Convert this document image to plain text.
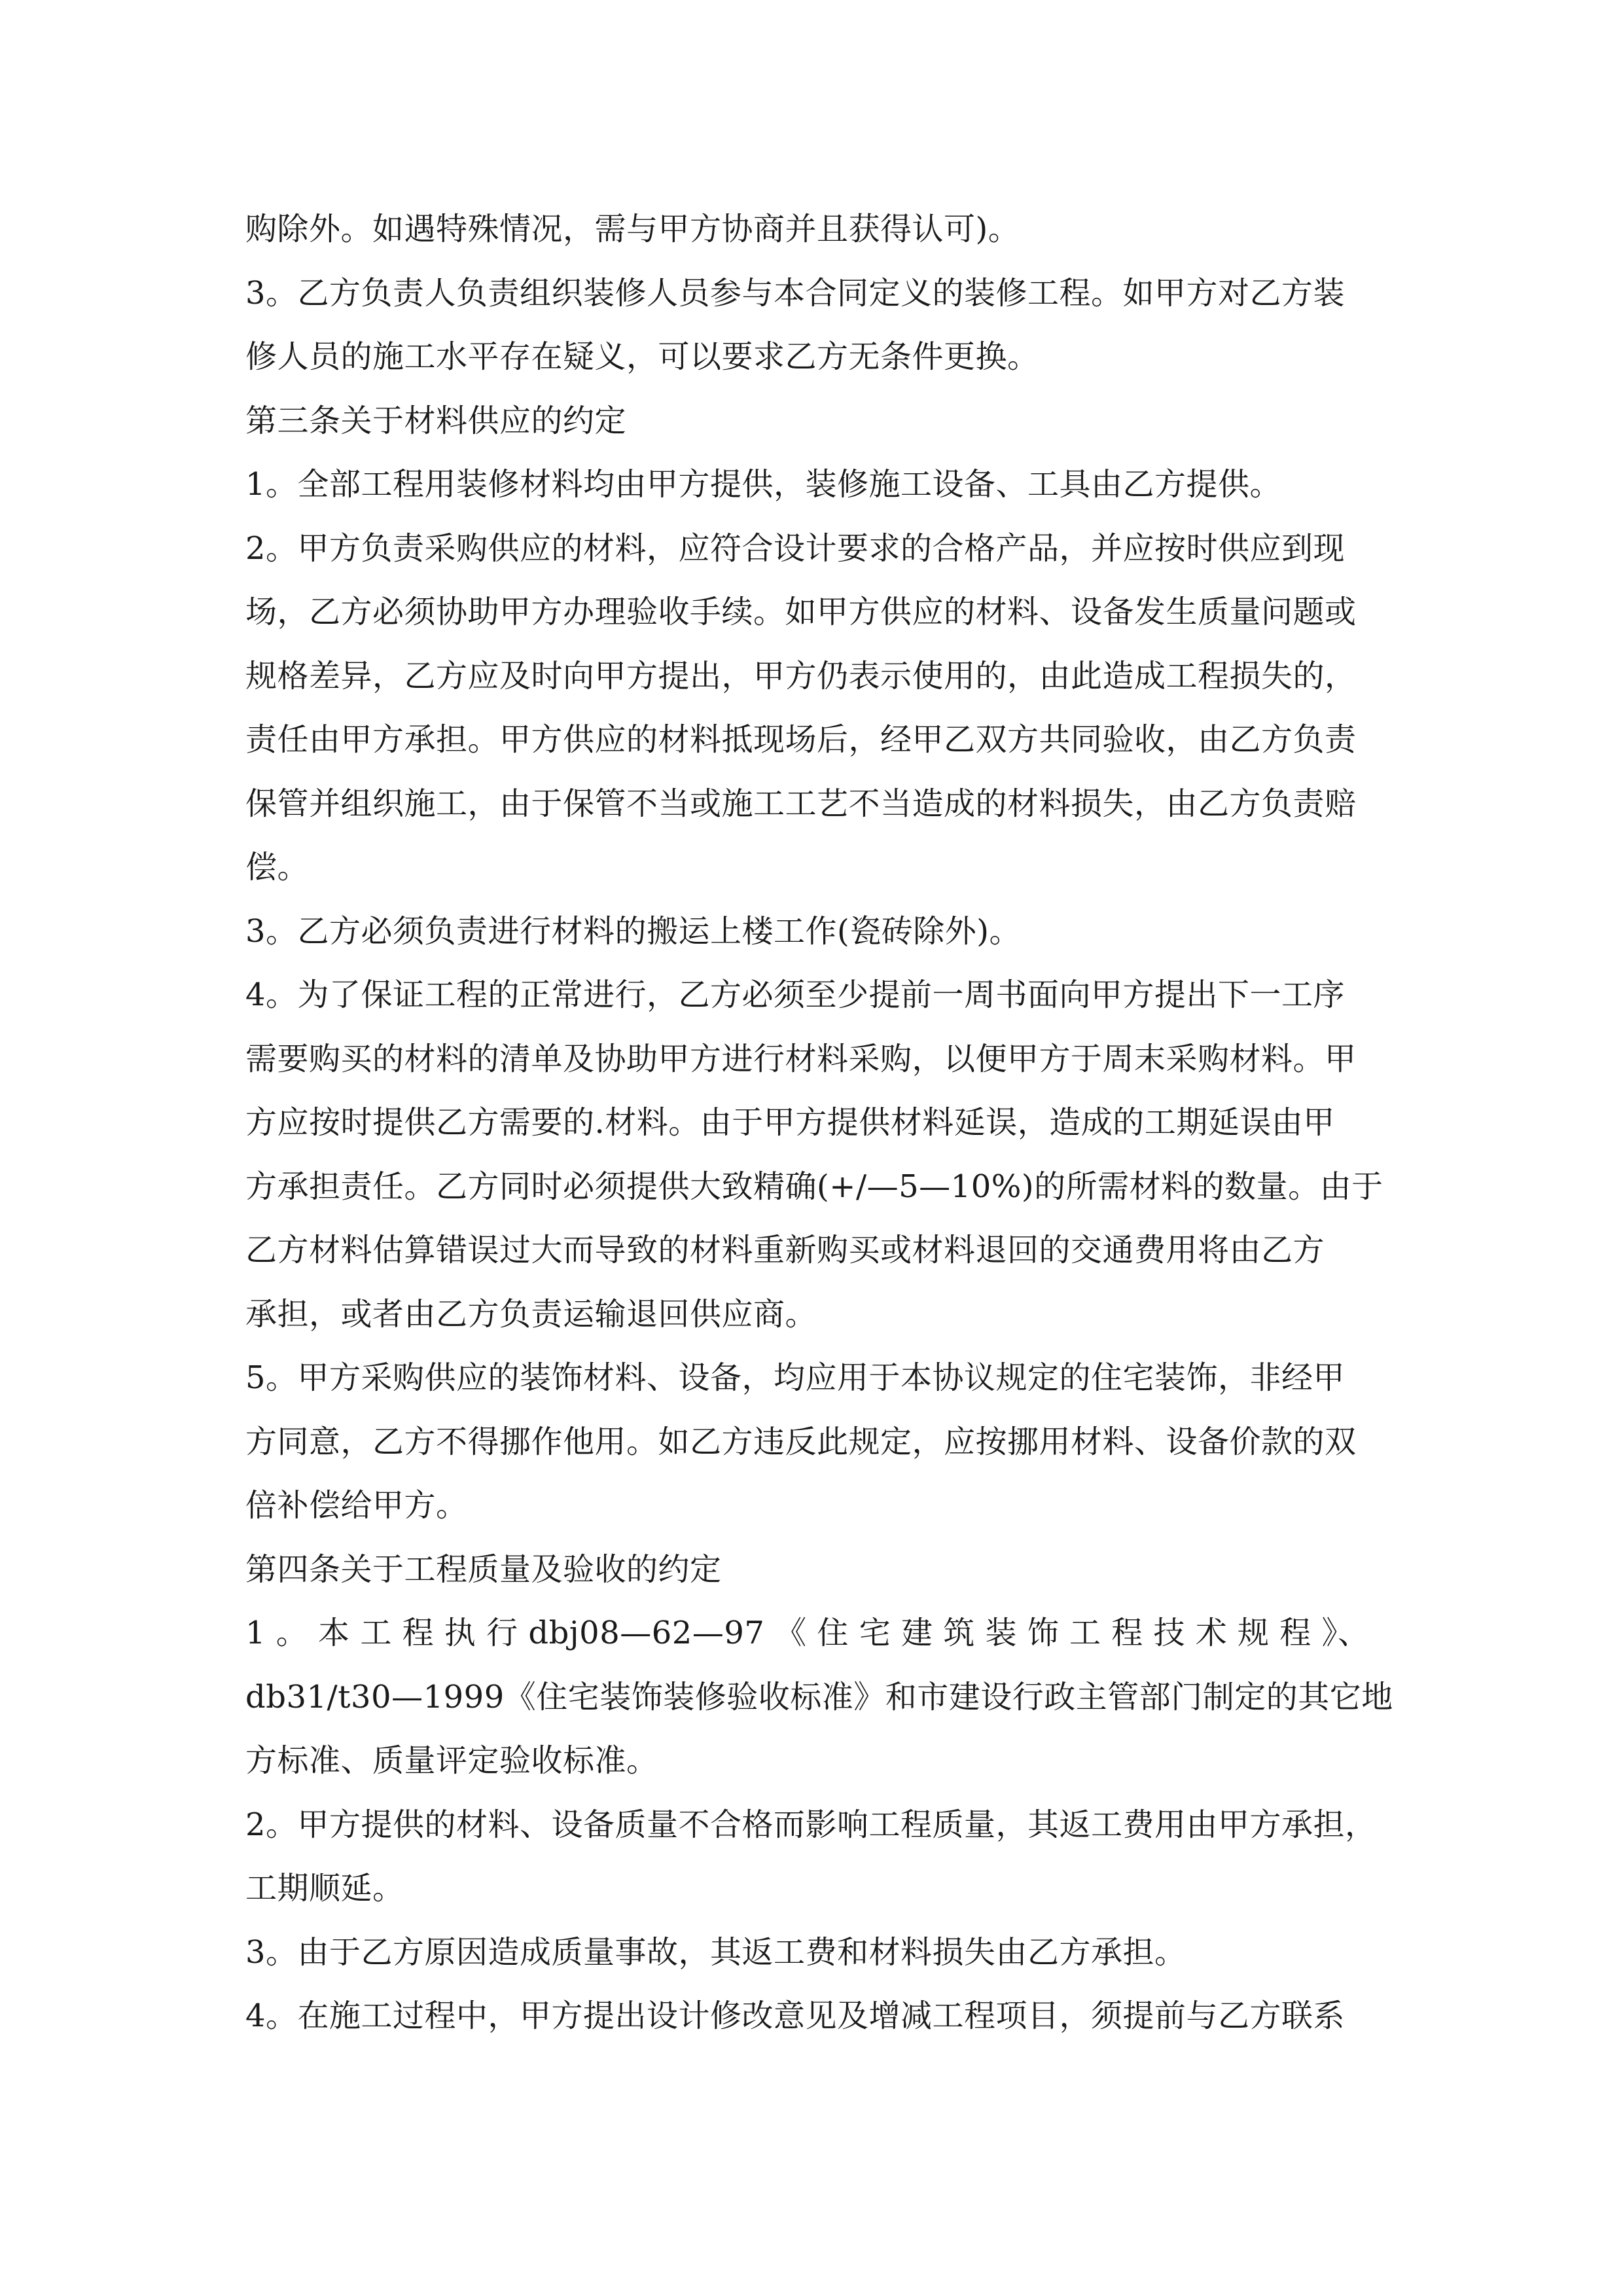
购除外。如遇特殊情况，需与甲方协商并且获得认可)。
3。乙方负责人负责组织装修人员参与本合同定义的装修工程。如甲方对乙方装
修人员的施工水平存在疑义，可以要求乙方无条件更换。
第三条关于材料供应的约定
1。全部工程用装修材料均由甲方提供，装修施工设备、工具由乙方提供。
2。甲方负责采购供应的材料，应符合设计要求的合格产品，并应按时供应到现
场，乙方必须协助甲方办理验收手续。如甲方供应的材料、设备发生质量问题或
规格差异，乙方应及时向甲方提出，甲方仍表示使用的，由此造成工程损失的，
责任由甲方承担。甲方供应的材料抵现场后，经甲乙双方共同验收，由乙方负责
保管并组织施工，由于保管不当或施工工艺不当造成的材料损失，由乙方负责赔
偿。
3。乙方必须负责进行材料的搬运上楼工作(瓷砖除外)。
4。为了保证工程的正常进行，乙方必须至少提前一周书面向甲方提出下一工序
需要购买的材料的清单及协助甲方进行材料采购，以便甲方于周末采购材料。甲
方应按时提供乙方需要的.材料。由于甲方提供材料延误，造成的工期延误由甲
方承担责任。乙方同时必须提供大致精确(+/—5—10%)的所需材料的数量。由于
乙方材料估算错误过大而导致的材料重新购买或材料退回的交通费用将由乙方
承担，或者由乙方负责运输退回供应商。
5。甲方采购供应的装饰材料、设备，均应用于本协议规定的住宅装饰，非经甲
方同意，乙方不得挪作他用。如乙方违反此规定，应按挪用材料、设备价款的双
倍补偿给甲方。
第四条关于工程质量及验收的约定
1 。 本 工 程 执 行 dbj08—62—97 《 住 宅 建 筑 装 饰 工 程 技 术 规 程 》、
db31/t30—1999《住宅装饰装修验收标准》和市建设行政主管部门制定的其它地
方标准、质量评定验收标准。
2。甲方提供的材料、设备质量不合格而影响工程质量，其返工费用由甲方承担，
工期顺延。
3。由于乙方原因造成质量事故，其返工费和材料损失由乙方承担。
4。在施工过程中，甲方提出设计修改意见及增减工程项目，须提前与乙方联系
